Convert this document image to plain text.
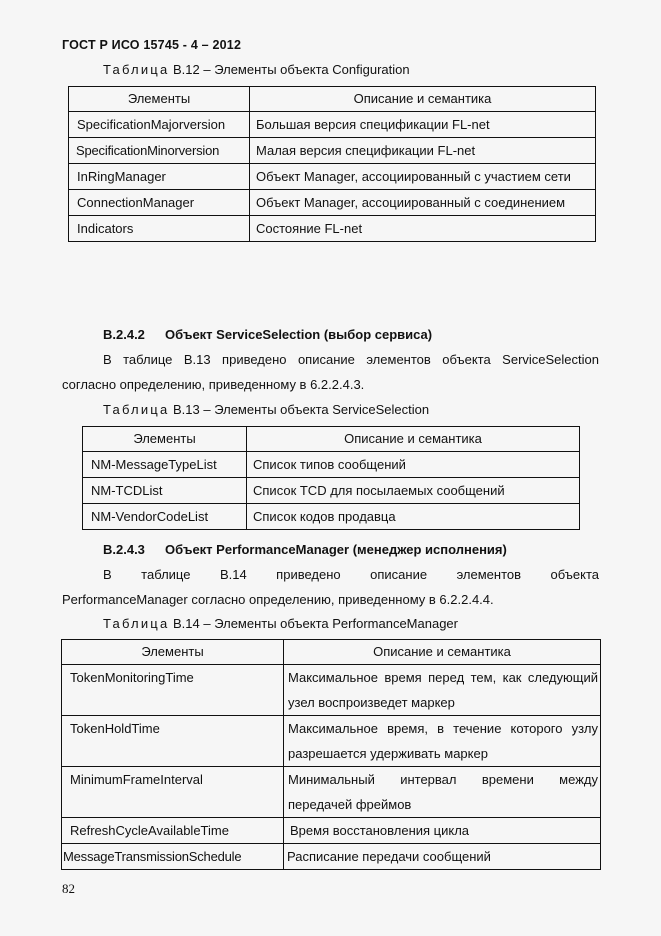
ГОСТ Р ИСО 15745 - 4 – 2012
Таблица В.12 – Элементы объекта Configuration
Элементы	Описание и семантика
SpecificationMajorversion	Большая версия спецификации FL-net
SpecificationMinorversion	Малая версия спецификации FL-net
InRingManager	Объект Manager, ассоциированный с участием сети
ConnectionManager	Объект Manager, ассоциированный с соединением
Indicators	Состояние FL-net
В.2.4.2 Объект ServiceSelection (выбор сервиса)
В таблице В.13 приведено описание элементов объекта ServiceSelection
согласно определению, приведенному в 6.2.2.4.3.
Таблица В.13 – Элементы объекта ServiceSelection
Элементы	Описание и семантика
NM-MessageTypeList	Список типов сообщений
NM-TCDList	Список TCD для посылаемых сообщений
NM-VendorCodeList	Список кодов продавца
В.2.4.3 Объект PerformanceManager (менеджер исполнения)
В таблице В.14 приведено описание элементов объекта
PerformanceManager согласно определению, приведенному в 6.2.2.4.4.
Таблица В.14 – Элементы объекта PerformanceManager
Элементы	Описание и семантика
TokenMonitoringTime	Максимальное время перед тем, как следующий узел воспроизведет маркер
TokenHoldTime	Максимальное время, в течение которого узлу разрешается удерживать маркер
MinimumFrameInterval	Минимальный интервал времени между передачей фреймов
RefreshCycleAvailableTime	Время восстановления цикла
MessageTransmissionSchedule	Расписание передачи сообщений
82
